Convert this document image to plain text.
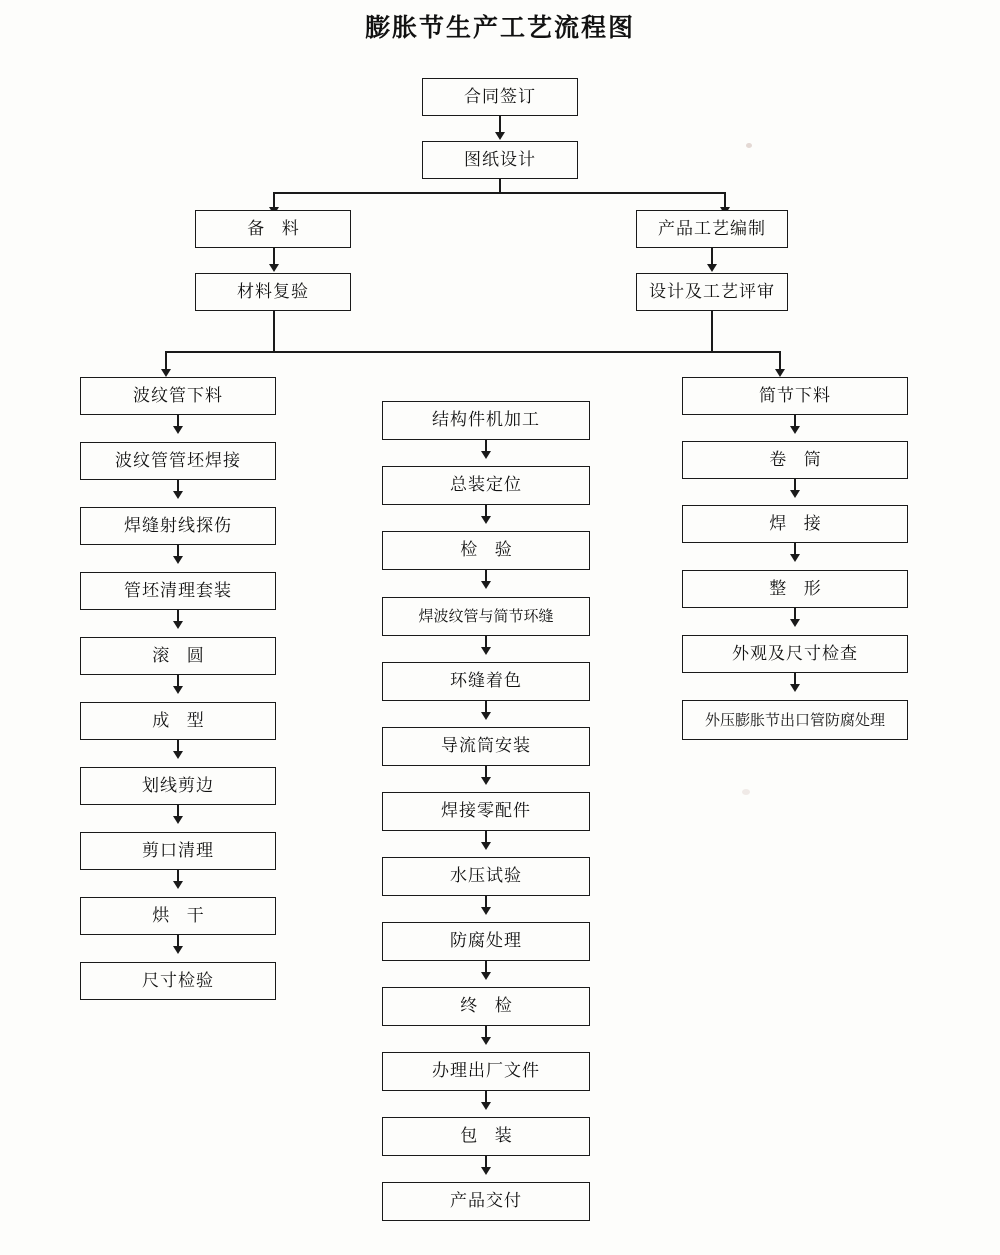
膨胀节生产工艺流程图
合同签订
图纸设计
备 料
材料复验
产品工艺编制
设计及工艺评审
波纹管下料
波纹管管坯焊接
焊缝射线探伤
管坯清理套装
滚 圆
成 型
划线剪边
剪口清理
烘 干
尺寸检验
结构件机加工
总装定位
检 验
焊波纹管与简节环缝
环缝着色
导流筒安装
焊接零配件
水压试验
防腐处理
终 检
办理出厂文件
包 装
产品交付
简节下料
卷 筒
焊 接
整 形
外观及尺寸检查
外压膨胀节出口管防腐处理
